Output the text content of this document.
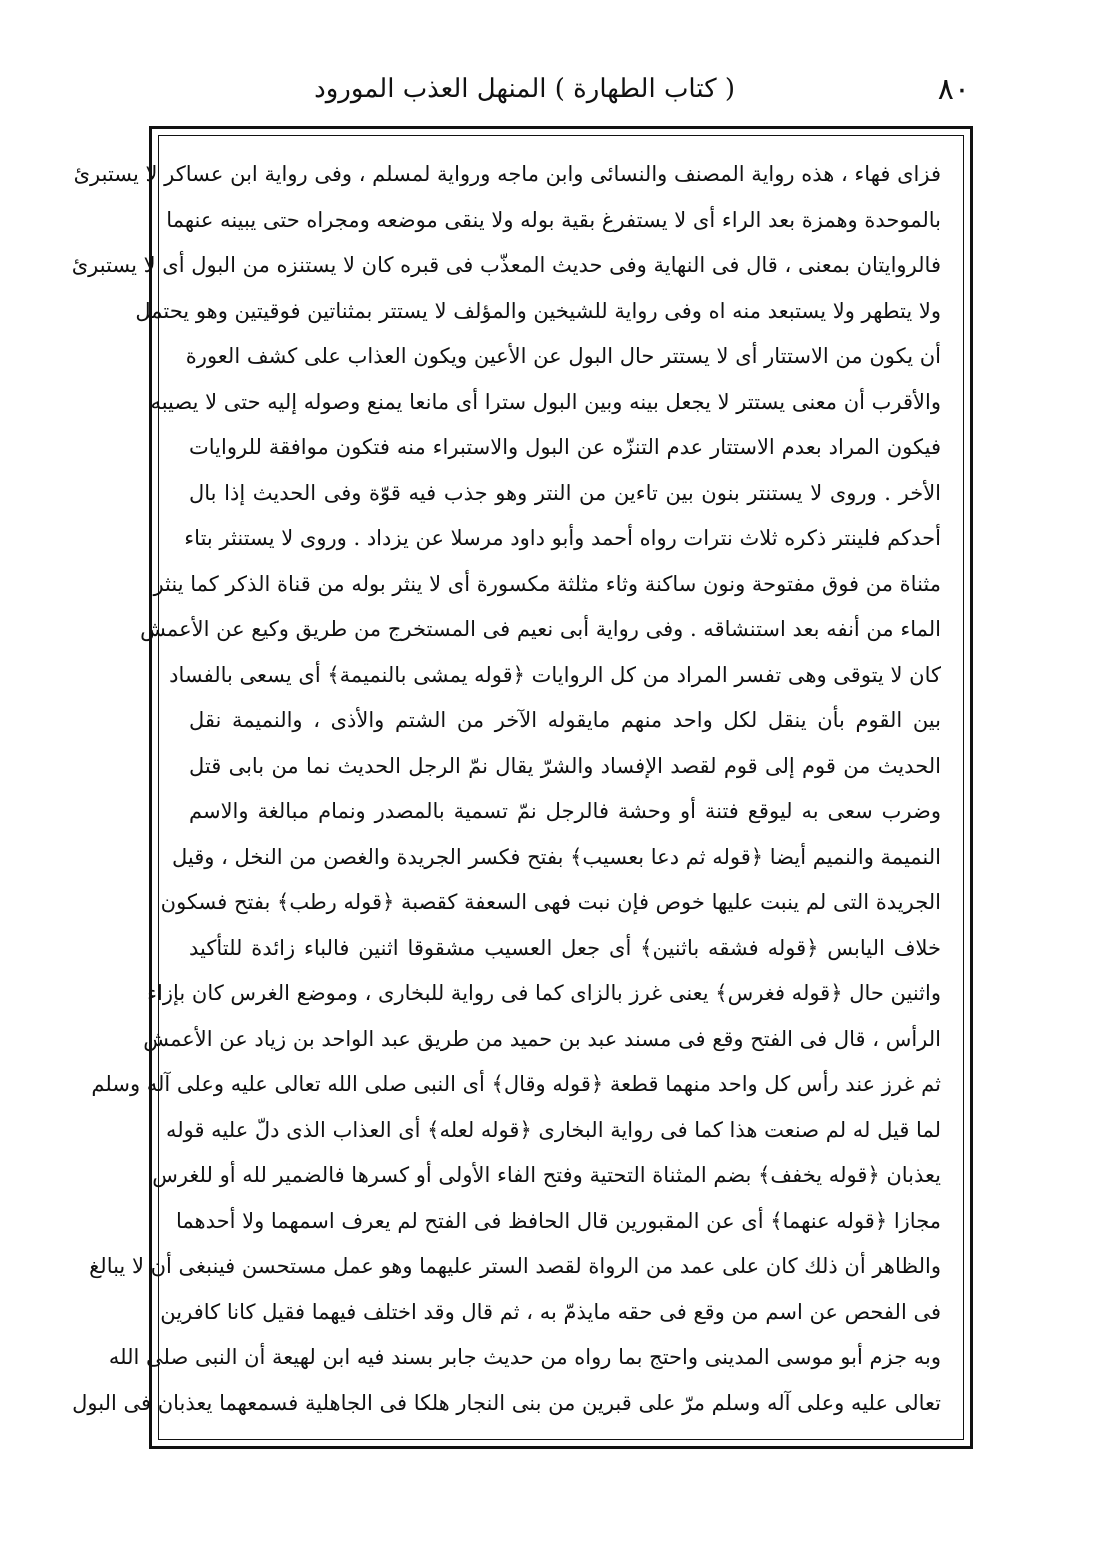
٨٠
( كتاب الطهارة ) المنهل العذب المورود
فزاى فهاء ، هذه رواية المصنف والنسائى وابن ماجه ورواية لمسلم ، وفى رواية ابن عساكر لا يستبرئ
بالموحدة وهمزة بعد الراء أى لا يستفرغ بقية بوله ولا ينقى موضعه ومجراه حتى يبينه عنهما
فالروايتان بمعنى ، قال فى النهاية وفى حديث المعذّب فى قبره كان لا يستنزه من البول أى لا يستبرئ
ولا يتطهر ولا يستبعد منه اه وفى رواية للشيخين والمؤلف لا يستتر بمثناتين فوقيتين وهو يحتمل
أن يكون من الاستتار أى لا يستتر حال البول عن الأعين ويكون العذاب على كشف العورة
والأقرب أن معنى يستتر لا يجعل بينه وبين البول سترا أى مانعا يمنع وصوله إليه حتى لا يصيبه
فيكون المراد بعدم الاستتار عدم التنزّه عن البول والاستبراء منه فتكون موافقة للروايات
الأخر . وروى لا يستنتر بنون بين تاءين من النتر وهو جذب فيه قوّة وفى الحديث إذا بال
أحدكم فلينتر ذكره ثلاث نترات رواه أحمد وأبو داود مرسلا عن يزداد . وروى لا يستنثر بتاء
مثناة من فوق مفتوحة ونون ساكنة وثاء مثلثة مكسورة أى لا ينثر بوله من قناة الذكر كما ينثر
الماء من أنفه بعد استنشاقه . وفى رواية أبى نعيم فى المستخرج من طريق وكيع عن الأعمش
كان لا يتوقى وهى تفسر المراد من كل الروايات ﴿قوله يمشى بالنميمة﴾ أى يسعى بالفساد
بين القوم بأن ينقل لكل واحد منهم مايقوله الآخر من الشتم والأذى ، والنميمة نقل
الحديث من قوم إلى قوم لقصد الإفساد والشرّ يقال نمّ الرجل الحديث نما من بابى قتل
وضرب سعى به ليوقع فتنة أو وحشة فالرجل نمّ تسمية بالمصدر ونمام مبالغة والاسم
النميمة والنميم أيضا ﴿قوله ثم دعا بعسيب﴾ بفتح فكسر الجريدة والغصن من النخل ، وقيل
الجريدة التى لم ينبت عليها خوص فإن نبت فهى السعفة كقصبة ﴿قوله رطب﴾ بفتح فسكون
خلاف اليابس ﴿قوله فشقه باثنين﴾ أى جعل العسيب مشقوقا اثنين فالباء زائدة للتأكيد
واثنين حال ﴿قوله فغرس﴾ يعنى غرز بالزاى كما فى رواية للبخارى ، وموضع الغرس كان بإزاء
الرأس ، قال فى الفتح وقع فى مسند عبد بن حميد من طريق عبد الواحد بن زياد عن الأعمش
ثم غرز عند رأس كل واحد منهما قطعة ﴿قوله وقال﴾ أى النبى صلى الله تعالى عليه وعلى آله وسلم
لما قيل له لم صنعت هذا كما فى رواية البخارى ﴿قوله لعله﴾ أى العذاب الذى دلّ عليه قوله
يعذبان ﴿قوله يخفف﴾ بضم المثناة التحتية وفتح الفاء الأولى أو كسرها فالضمير لله أو للغرس
مجازا ﴿قوله عنهما﴾ أى عن المقبورين قال الحافظ فى الفتح لم يعرف اسمهما ولا أحدهما
والظاهر أن ذلك كان على عمد من الرواة لقصد الستر عليهما وهو عمل مستحسن فينبغى أن لا يبالغ
فى الفحص عن اسم من وقع فى حقه مايذمّ به ، ثم قال وقد اختلف فيهما فقيل كانا كافرين
وبه جزم أبو موسى المدينى واحتج بما رواه من حديث جابر بسند فيه ابن لهيعة أن النبى صلى الله
تعالى عليه وعلى آله وسلم مرّ على قبرين من بنى النجار هلكا فى الجاهلية فسمعهما يعذبان فى البول
